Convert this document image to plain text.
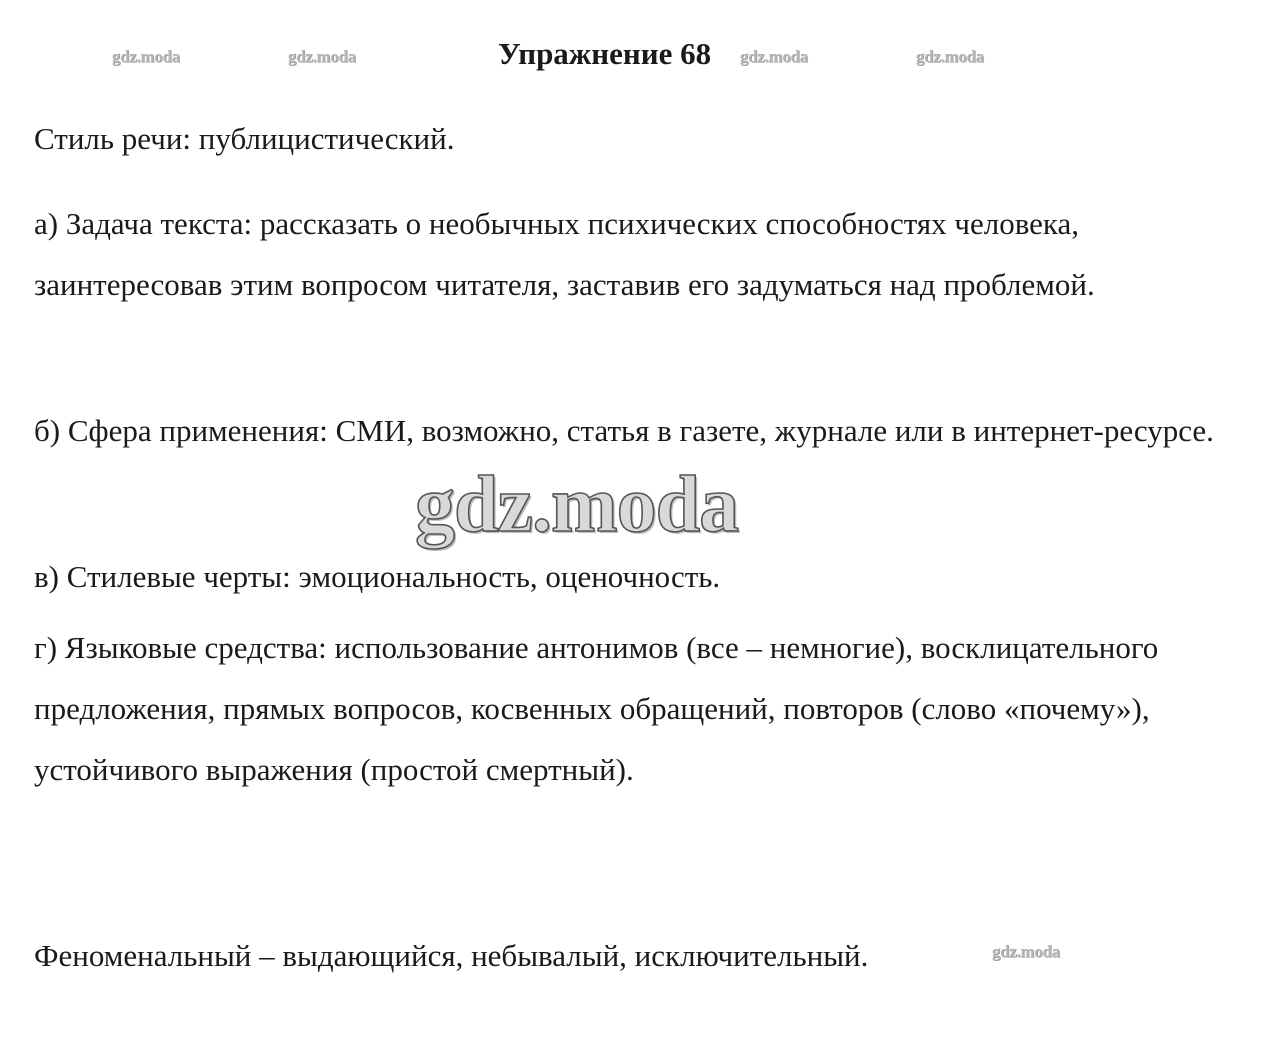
Упражнение 68
gdz.moda	gdz.moda	gdz.moda	gdz.moda

Стиль речи: публицистический.

а) Задача текста: рассказать о необычных психических способностях человека, заинтересовав этим вопросом читателя, заставив его задуматься над проблемой.

б) Сфера применения: СМИ, возможно, статья в газете, журнале или в интернет-ресурсе.

в) Стилевые черты: эмоциональность, оценочность.

г) Языковые средства: использование антонимов (все – немногие), восклицательного предложения, прямых вопросов, косвенных обращений, повторов (слово «почему»), устойчивого выражения (простой смертный).

Феноменальный – выдающийся, небывалый, исключительный.	gdz.moda
gdz.moda
